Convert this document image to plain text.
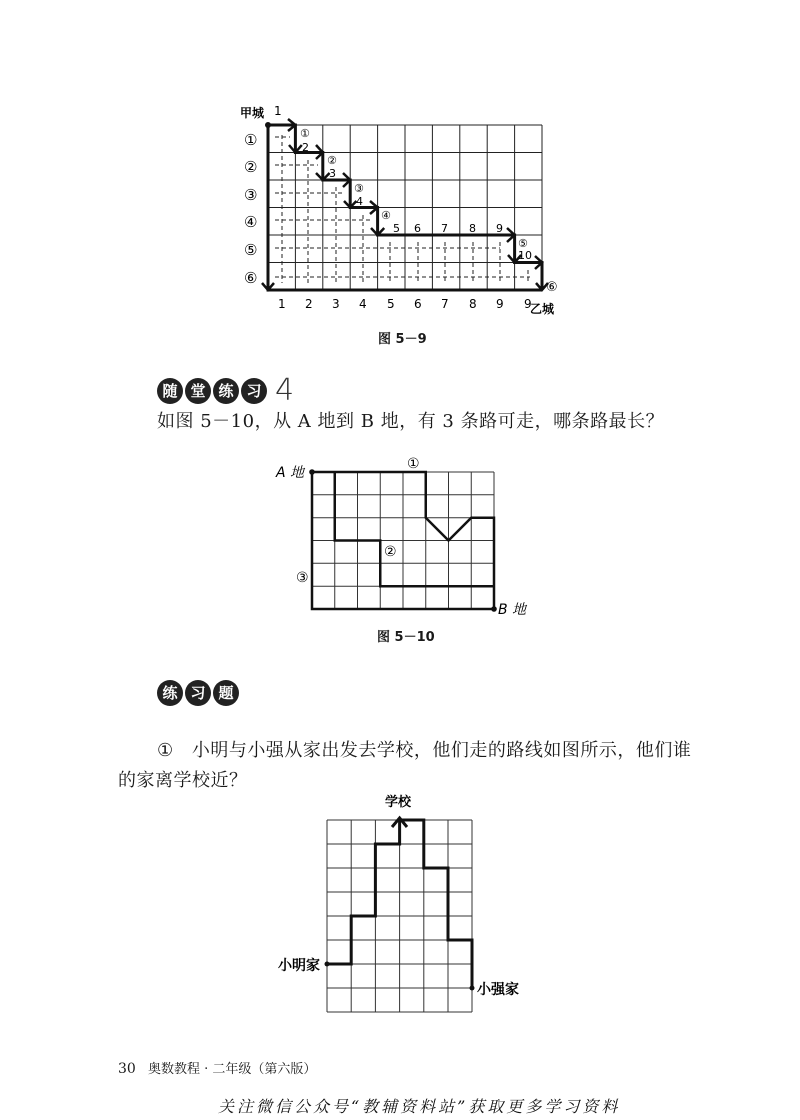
甲城 1
①
②
③
④
⑤
⑥
①
2
②
3
③
4
④
5 6 7 8 9
⑤
10
⑥
1 2 3 4 5 6 7 8 9 9
乙城
图 5－9
随 堂 练 习 4
如图 5－10，从 A 地到 B 地，有 3 条路可走，哪条路最长？
A 地
B 地
①
②
③
图 5－10
练 习 题
① 小明与小强从家出发去学校，他们走的路线如图所示，他们谁
的家离学校近？
学校
小明家
小强家
30 奥数教程 · 二年级（第六版）
关注微信公众号“教辅资料站”获取更多学习资料
